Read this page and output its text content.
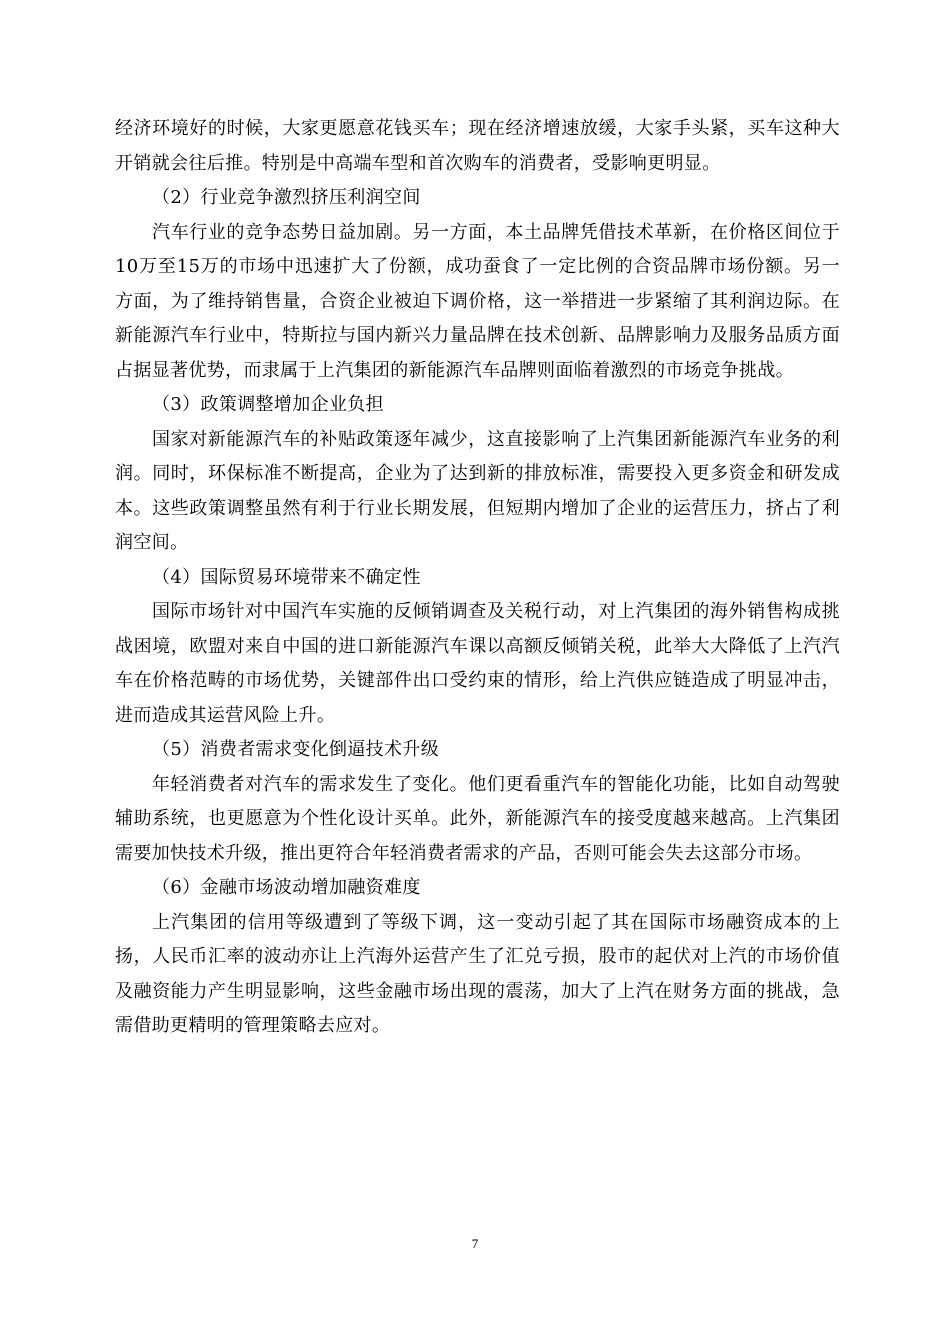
经济环境好的时候，大家更愿意花钱买车；现在经济增速放缓，大家手头紧，买车这种大开销就会往后推。特别是中高端车型和首次购车的消费者，受影响更明显。

（2）行业竞争激烈挤压利润空间

汽车行业的竞争态势日益加剧。另一方面，本土品牌凭借技术革新，在价格区间位于10万至15万的市场中迅速扩大了份额，成功蚕食了一定比例的合资品牌市场份额。另一方面，为了维持销售量，合资企业被迫下调价格，这一举措进一步紧缩了其利润边际。在新能源汽车行业中，特斯拉与国内新兴力量品牌在技术创新、品牌影响力及服务品质方面占据显著优势，而隶属于上汽集团的新能源汽车品牌则面临着激烈的市场竞争挑战。

（3）政策调整增加企业负担

国家对新能源汽车的补贴政策逐年减少，这直接影响了上汽集团新能源汽车业务的利润。同时，环保标准不断提高，企业为了达到新的排放标准，需要投入更多资金和研发成本。这些政策调整虽然有利于行业长期发展，但短期内增加了企业的运营压力，挤占了利润空间。

（4）国际贸易环境带来不确定性

国际市场针对中国汽车实施的反倾销调查及关税行动，对上汽集团的海外销售构成挑战困境，欧盟对来自中国的进口新能源汽车课以高额反倾销关税，此举大大降低了上汽汽车在价格范畴的市场优势，关键部件出口受约束的情形，给上汽供应链造成了明显冲击，进而造成其运营风险上升。

（5）消费者需求变化倒逼技术升级

年轻消费者对汽车的需求发生了变化。他们更看重汽车的智能化功能，比如自动驾驶辅助系统，也更愿意为个性化设计买单。此外，新能源汽车的接受度越来越高。上汽集团需要加快技术升级，推出更符合年轻消费者需求的产品，否则可能会失去这部分市场。

（6）金融市场波动增加融资难度

上汽集团的信用等级遭到了等级下调，这一变动引起了其在国际市场融资成本的上扬，人民币汇率的波动亦让上汽海外运营产生了汇兑亏损，股市的起伏对上汽的市场价值及融资能力产生明显影响，这些金融市场出现的震荡，加大了上汽在财务方面的挑战，急需借助更精明的管理策略去应对。

7
